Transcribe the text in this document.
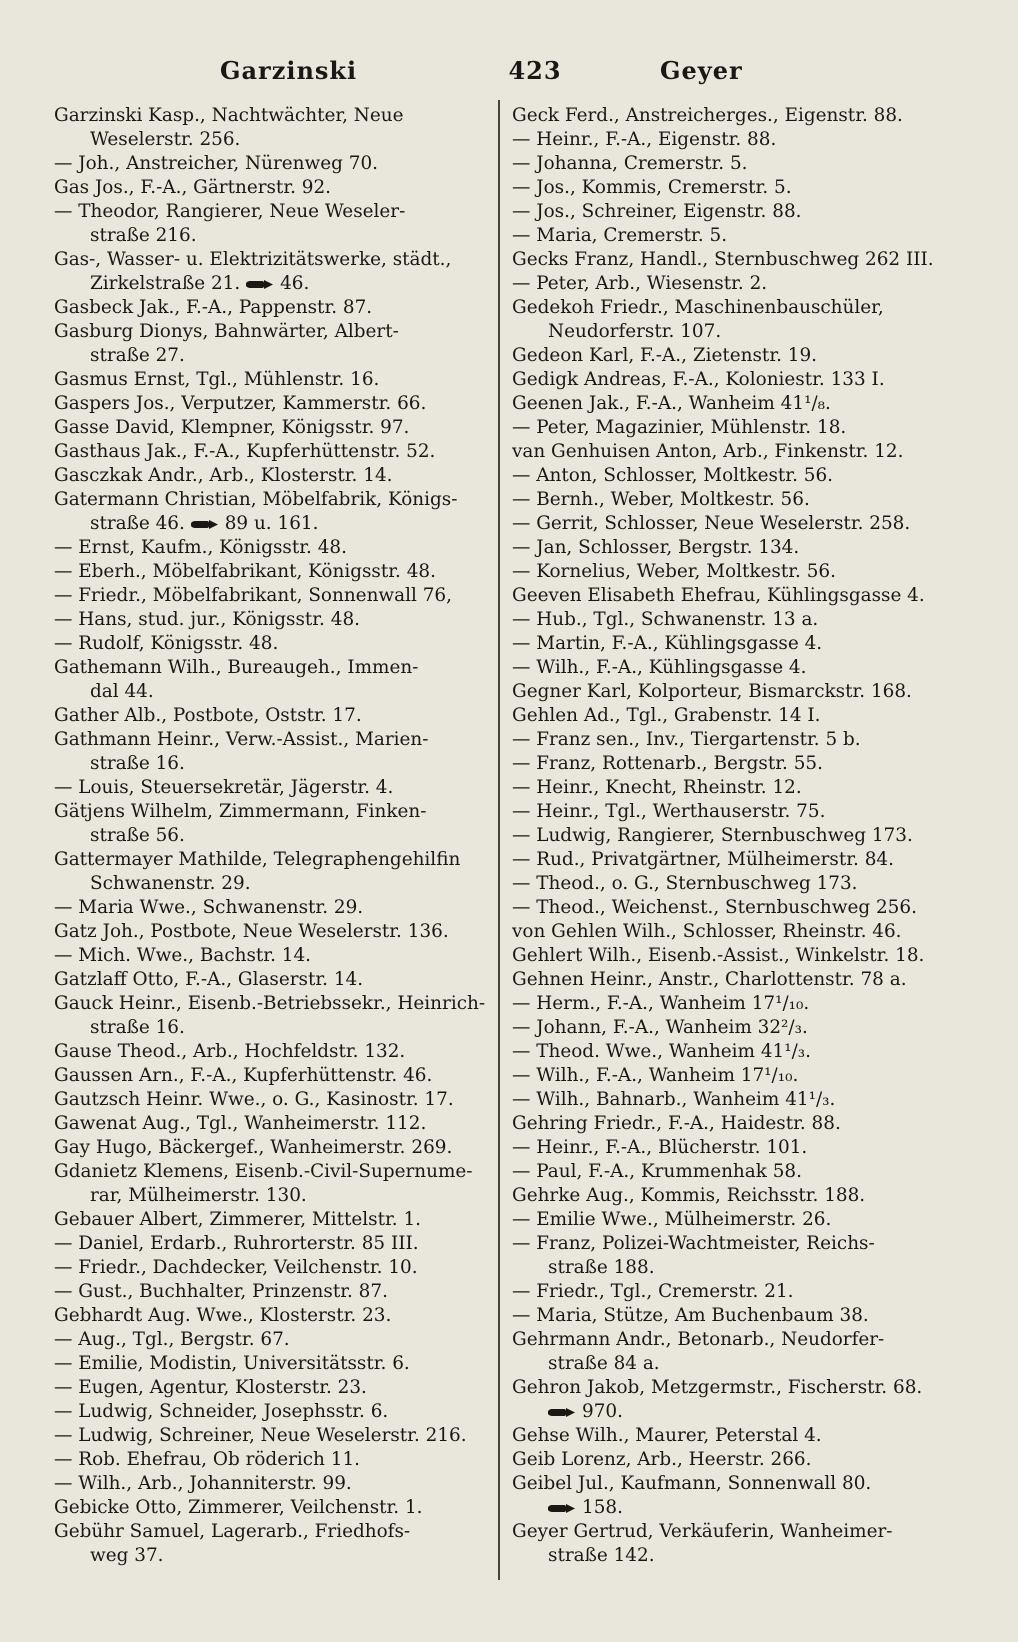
Garzinski	423	Geyer

Garzinski Kasp., Nachtwächter, Neue

Weselerstr. 256.

— Joh., Anstreicher, Nürenweg 70.

Gas Jos., F.-A., Gärtnerstr. 92.

— Theodor, Rangierer, Neue Weseler-

straße 216.

Gas-, Wasser- u. Elektrizitätswerke, städt.,

Zirkelstraße 21. 46.

Gasbeck Jak., F.-A., Pappenstr. 87.

Gasburg Dionys, Bahnwärter, Albert-

straße 27.

Gasmus Ernst, Tgl., Mühlenstr. 16.

Gaspers Jos., Verputzer, Kammerstr. 66.

Gasse David, Klempner, Königsstr. 97.

Gasthaus Jak., F.-A., Kupferhüttenstr. 52.

Gasczkak Andr., Arb., Klosterstr. 14.

Gatermann Christian, Möbelfabrik, Königs-

straße 46. 89 u. 161.

— Ernst, Kaufm., Königsstr. 48.

— Eberh., Möbelfabrikant, Königsstr. 48.

— Friedr., Möbelfabrikant, Sonnenwall 76,

— Hans, stud. jur., Königsstr. 48.

— Rudolf, Königsstr. 48.

Gathemann Wilh., Bureaugeh., Immen-

dal 44.

Gather Alb., Postbote, Oststr. 17.

Gathmann Heinr., Verw.-Assist., Marien-

straße 16.

— Louis, Steuersekretär, Jägerstr. 4.

Gätjens Wilhelm, Zimmermann, Finken-

straße 56.

Gattermayer Mathilde, Telegraphengehilfin

Schwanenstr. 29.

— Maria Wwe., Schwanenstr. 29.

Gatz Joh., Postbote, Neue Weselerstr. 136.

— Mich. Wwe., Bachstr. 14.

Gatzlaff Otto, F.-A., Glaserstr. 14.

Gauck Heinr., Eisenb.-Betriebssekr., Heinrich-

straße 16.

Gause Theod., Arb., Hochfeldstr. 132.

Gaussen Arn., F.-A., Kupferhüttenstr. 46.

Gautzsch Heinr. Wwe., o. G., Kasinostr. 17.

Gawenat Aug., Tgl., Wanheimerstr. 112.

Gay Hugo, Bäckergef., Wanheimerstr. 269.

Gdanietz Klemens, Eisenb.-Civil-Supernume-

rar, Mülheimerstr. 130.

Gebauer Albert, Zimmerer, Mittelstr. 1.

— Daniel, Erdarb., Ruhrorterstr. 85 III.

— Friedr., Dachdecker, Veilchenstr. 10.

— Gust., Buchhalter, Prinzenstr. 87.

Gebhardt Aug. Wwe., Klosterstr. 23.

— Aug., Tgl., Bergstr. 67.

— Emilie, Modistin, Universitätsstr. 6.

— Eugen, Agentur, Klosterstr. 23.

— Ludwig, Schneider, Josephsstr. 6.

— Ludwig, Schreiner, Neue Weselerstr. 216.

— Rob. Ehefrau, Ob röderich 11.

— Wilh., Arb., Johanniterstr. 99.

Gebicke Otto, Zimmerer, Veilchenstr. 1.

Gebühr Samuel, Lagerarb., Friedhofs-

weg 37.

Geck Ferd., Anstreicherges., Eigenstr. 88.

— Heinr., F.-A., Eigenstr. 88.

— Johanna, Cremerstr. 5.

— Jos., Kommis, Cremerstr. 5.

— Jos., Schreiner, Eigenstr. 88.

— Maria, Cremerstr. 5.

Gecks Franz, Handl., Sternbuschweg 262 III.

— Peter, Arb., Wiesenstr. 2.

Gedekoh Friedr., Maschinenbauschüler,

Neudorferstr. 107.

Gedeon Karl, F.-A., Zietenstr. 19.

Gedigk Andreas, F.-A., Koloniestr. 133 I.

Geenen Jak., F.-A., Wanheim 41¹/₈.

— Peter, Magazinier, Mühlenstr. 18.

van Genhuisen Anton, Arb., Finkenstr. 12.

— Anton, Schlosser, Moltkestr. 56.

— Bernh., Weber, Moltkestr. 56.

— Gerrit, Schlosser, Neue Weselerstr. 258.

— Jan, Schlosser, Bergstr. 134.

— Kornelius, Weber, Moltkestr. 56.

Geeven Elisabeth Ehefrau, Kühlingsgasse 4.

— Hub., Tgl., Schwanenstr. 13 a.

— Martin, F.-A., Kühlingsgasse 4.

— Wilh., F.-A., Kühlingsgasse 4.

Gegner Karl, Kolporteur, Bismarckstr. 168.

Gehlen Ad., Tgl., Grabenstr. 14 I.

— Franz sen., Inv., Tiergartenstr. 5 b.

— Franz, Rottenarb., Bergstr. 55.

— Heinr., Knecht, Rheinstr. 12.

— Heinr., Tgl., Werthauserstr. 75.

— Ludwig, Rangierer, Sternbuschweg 173.

— Rud., Privatgärtner, Mülheimerstr. 84.

— Theod., o. G., Sternbuschweg 173.

— Theod., Weichenst., Sternbuschweg 256.

von Gehlen Wilh., Schlosser, Rheinstr. 46.

Gehlert Wilh., Eisenb.-Assist., Winkelstr. 18.

Gehnen Heinr., Anstr., Charlottenstr. 78 a.

— Herm., F.-A., Wanheim 17¹/₁₀.

— Johann, F.-A., Wanheim 32²/₃.

— Theod. Wwe., Wanheim 41¹/₃.

— Wilh., F.-A., Wanheim 17¹/₁₀.

— Wilh., Bahnarb., Wanheim 41¹/₃.

Gehring Friedr., F.-A., Haidestr. 88.

— Heinr., F.-A., Blücherstr. 101.

— Paul, F.-A., Krummenhak 58.

Gehrke Aug., Kommis, Reichsstr. 188.

— Emilie Wwe., Mülheimerstr. 26.

— Franz, Polizei-Wachtmeister, Reichs-

straße 188.

— Friedr., Tgl., Cremerstr. 21.

— Maria, Stütze, Am Buchenbaum 38.

Gehrmann Andr., Betonarb., Neudorfer-

straße 84 a.

Gehron Jakob, Metzgermstr., Fischerstr. 68.

970.

Gehse Wilh., Maurer, Peterstal 4.

Geib Lorenz, Arb., Heerstr. 266.

Geibel Jul., Kaufmann, Sonnenwall 80.

158.

Geyer Gertrud, Verkäuferin, Wanheimer-

straße 142.
